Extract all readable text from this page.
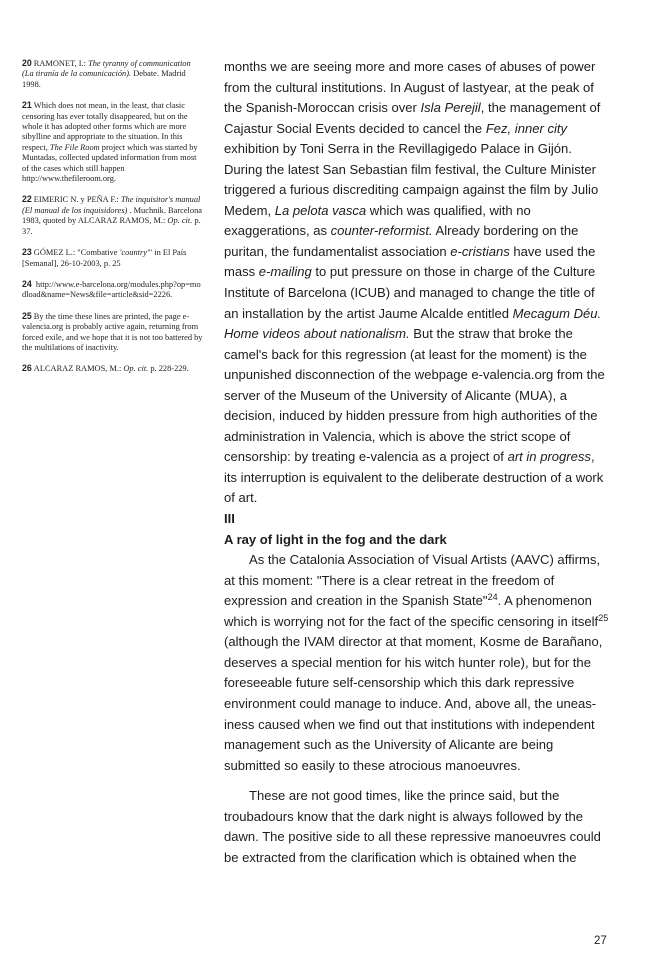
20 RAMONET, I.: The tyranny of communication (La tiranía de la comunicación). Debate. Madrid 1998.

21 Which does not mean, in the least, that clasic censoring has ever totally disappeared, but on the whole it has adopted other forms which are more sibylline and appropriate to the situation. In this respect, The File Room project which was started by Muntadas, collected updated information from most of the cases which still happen http://www.thefileroom.org.

22 EIMERIC N. y PEÑA F.: The inquisitor's manual (El manual de los inquisidores) . Muchnik. Barcelona 1983, quoted by ALCARAZ RAMOS, M.: Op. cit. p. 37.

23 GÓMEZ L.: "Combative 'country'" in El País [Semanal], 26-10-2003, p. 25

24 http://www.e-barcelona.org/modules.php?op=modload&name=News&file=article&sid=2226.

25 By the time these lines are printed, the page e-valencia.org is probably active again, returning from forced exile, and we hope that it is not too battered by the multilations of inactivity.

26 ALCARAZ RAMOS, M.: Op. cit. p. 228-229.

months we are seeing more and more cases of abuses of power from the cultural institutions. In August of lastyear, at the peak of the Spanish-Moroccan crisis over Isla Perejil, the management of Cajastur Social Events decided to cancel the Fez, inner city exhibition by Toni Serra in the Revillagigedo Palace in Gijón. During the latest San Sebastian film festival, the Culture Minister triggered a furious discrediting campaign against the film by Julio Medem, La pelota vasca which was qualified, with no exaggerations, as counter-reformist. Already bordering on the puritan, the fundamentalist association e-cristians have used the mass e-mailing to put pressure on those in charge of the Culture Institute of Barcelona (ICUB) and managed to change the title of an installation by the artist Jaume Alcalde entitled Mecagum Déu. Home videos about nationalism. But the straw that broke the camel's back for this regression (at least for the moment) is the unpunished disconnection of the webpage e-valencia.org from the server of the Museum of the University of Alicante (MUA), a decision, induced by hidden pressure from high authorities of the administration in Valencia, which is above the strict scope of censorship: by treating e-valencia as a project of art in progress, its interruption is equivalent to the deliberate destruction of a work of art.

III

A ray of light in the fog and the dark

As the Catalonia Association of Visual Artists (AAVC) affirms, at this moment: "There is a clear retreat in the freedom of expression and creation in the Spanish State"$^{24}$. A phenomenon which is worrying not for the fact of the specific censoring in itself$^{25}$ (although the IVAM director at that moment, Kosme de Barañano, deserves a special mention for his witch hunter role), but for the foreseeable future self-censorship which this dark repressive environment could manage to induce. And, above all, the uneas-iness caused when we find out that institutions with independent management such as the University of Alicante are being submitted so easily to these atrocious manoeuvres.

These are not good times, like the prince said, but the troubadours know that the dark night is always followed by the dawn. The positive side to all these repressive manoeuvres could be extracted from the clarification which is obtained when the

27
